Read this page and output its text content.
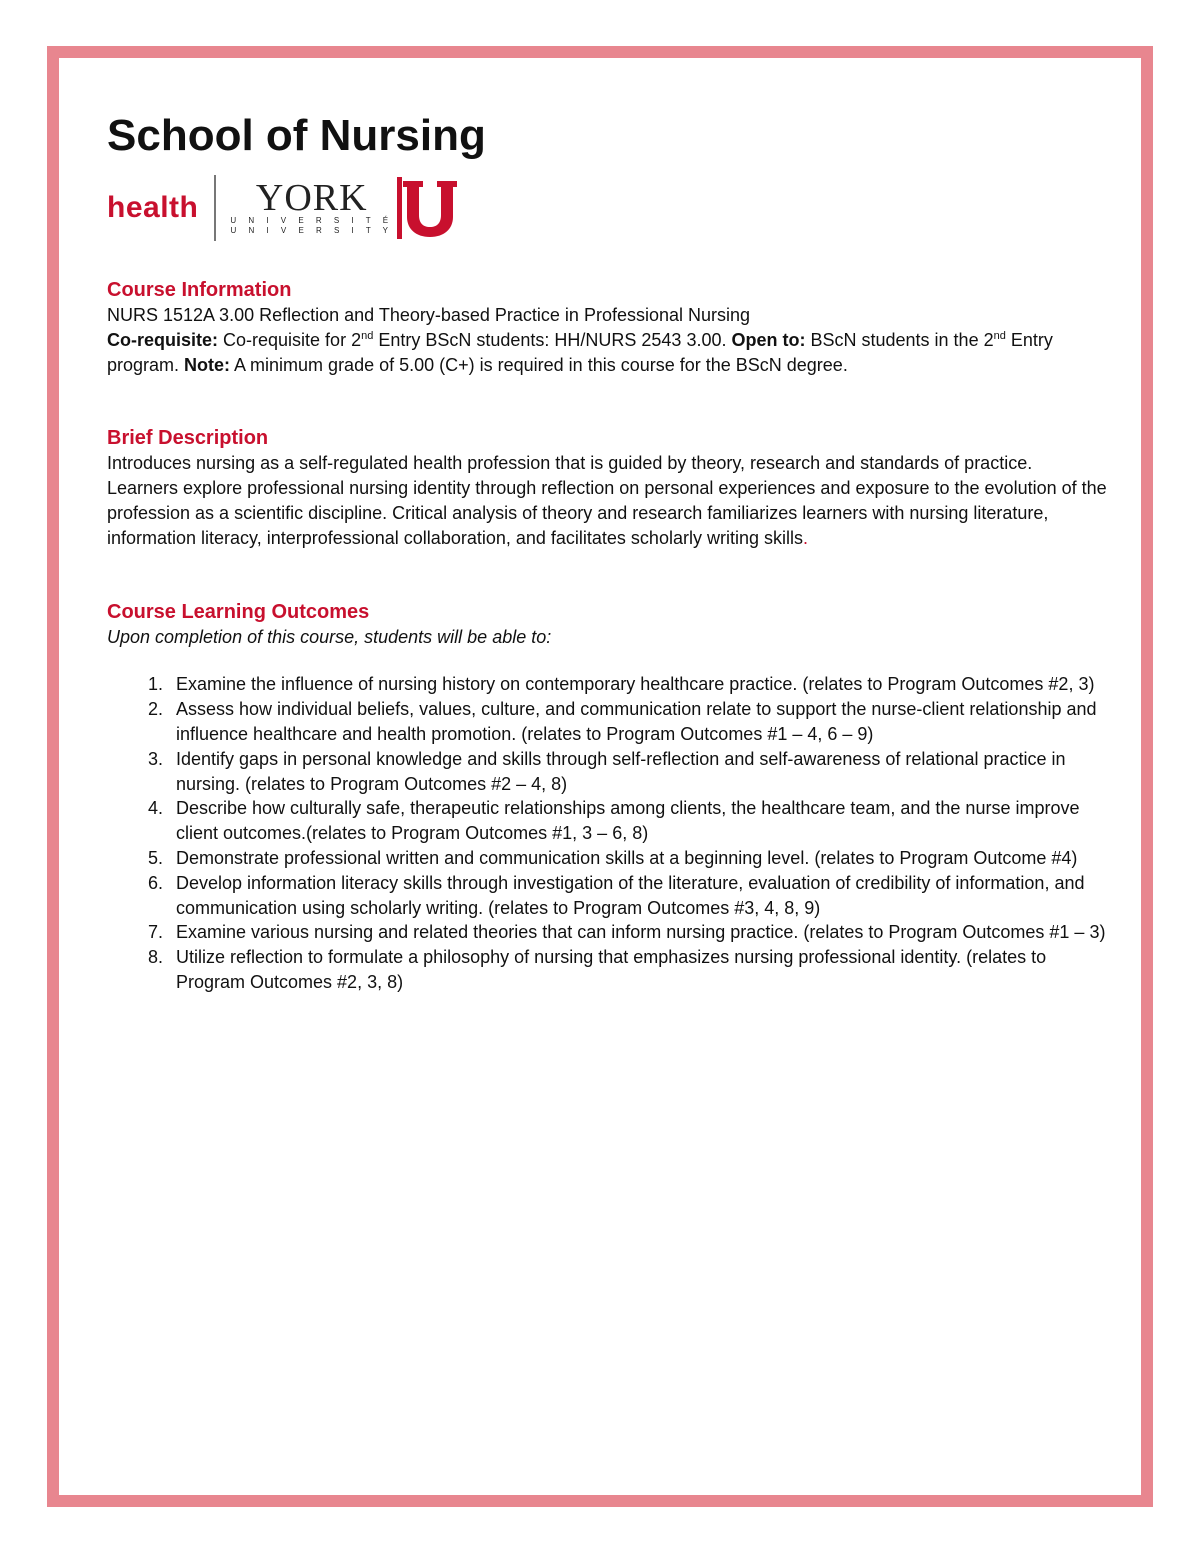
School of Nursing
health YORK
U N I V E R S I T É
U N I V E R S I T Y
Course Information

NURS 1512A 3.00 Reflection and Theory-based Practice in Professional Nursing

Co-requisite: Co-requisite for 2nd Entry BScN students: HH/NURS 2543 3.00. Open to: BScN students in the 2nd Entry program. Note: A minimum grade of 5.00 (C+) is required in this course for the BScN degree.

Brief Description

Introduces nursing as a self-regulated health profession that is guided by theory, research and standards of practice. Learners explore professional nursing identity through reflection on personal experiences and exposure to the evolution of the profession as a scientific discipline. Critical analysis of theory and research familiarizes learners with nursing literature, information literacy, interprofessional collaboration, and facilitates scholarly writing skills.

Course Learning Outcomes

Upon completion of this course, students will be able to:

1. Examine the influence of nursing history on contemporary healthcare practice. (relates to Program Outcomes #2, 3)
2. Assess how individual beliefs, values, culture, and communication relate to support the nurse-client relationship and influence healthcare and health promotion. (relates to Program Outcomes #1 – 4, 6 – 9)
3. Identify gaps in personal knowledge and skills through self-reflection and self-awareness of relational practice in nursing. (relates to Program Outcomes #2 – 4, 8)
4. Describe how culturally safe, therapeutic relationships among clients, the healthcare team, and the nurse improve client outcomes.(relates to Program Outcomes #1, 3 – 6, 8)
5. Demonstrate professional written and communication skills at a beginning level. (relates to Program Outcome #4)
6. Develop information literacy skills through investigation of the literature, evaluation of credibility of information, and communication using scholarly writing. (relates to Program Outcomes #3, 4, 8, 9)
7. Examine various nursing and related theories that can inform nursing practice. (relates to Program Outcomes #1 – 3)
8. Utilize reflection to formulate a philosophy of nursing that emphasizes nursing professional identity. (relates to Program Outcomes #2, 3, 8)
